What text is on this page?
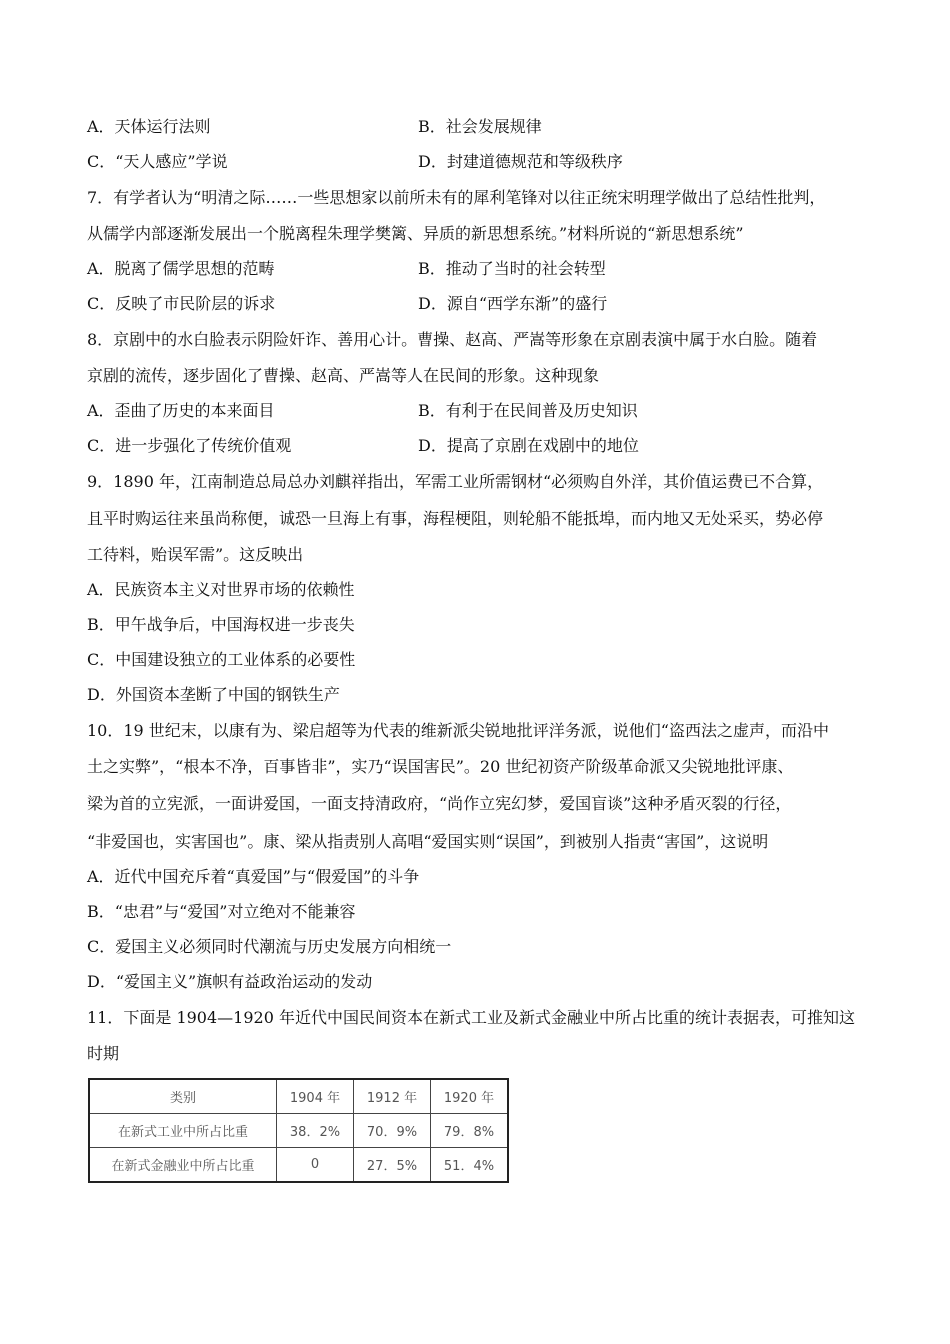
A．天体运行法则	B．社会发展规律
C．“天人感应”学说	D．封建道德规范和等级秩序
7．有学者认为“明清之际……一些思想家以前所未有的犀利笔锋对以往正统宋明理学做出了总结性批判，
从儒学内部逐渐发展出一个脱离程朱理学樊篱、异质的新思想系统。”材料所说的“新思想系统”
A．脱离了儒学思想的范畴	B．推动了当时的社会转型
C．反映了市民阶层的诉求	D．源自“西学东渐”的盛行
8．京剧中的水白脸表示阴险奸诈、善用心计。曹操、赵高、严嵩等形象在京剧表演中属于水白脸。随着
京剧的流传，逐步固化了曹操、赵高、严嵩等人在民间的形象。这种现象
A．歪曲了历史的本来面目	B．有利于在民间普及历史知识
C．进一步强化了传统价值观	D．提高了京剧在戏剧中的地位
9．1890 年，江南制造总局总办刘麒祥指出，军需工业所需钢材“必须购自外洋，其价值运费已不合算，
且平时购运往来虽尚称便，诚恐一旦海上有事，海程梗阻，则轮船不能抵埠，而内地又无处采买，势必停
工待料，贻误军需”。这反映出
A．民族资本主义对世界市场的依赖性
B．甲午战争后，中国海权进一步丧失
C．中国建设独立的工业体系的必要性
D．外国资本垄断了中国的钢铁生产
10．19 世纪末，以康有为、梁启超等为代表的维新派尖锐地批评洋务派，说他们“盗西法之虚声，而沿中
土之实弊”，“根本不净，百事皆非”，实乃“误国害民”。20 世纪初资产阶级革命派又尖锐地批评康、
梁为首的立宪派，一面讲爱国，一面支持清政府，“尚作立宪幻梦，爱国盲谈”这种矛盾灭裂的行径，
“非爱国也，实害国也”。康、梁从指责别人高唱“爱国实则“误国”，到被别人指责“害国”，这说明
A．近代中国充斥着“真爱国”与“假爱国”的斗争
B．“忠君”与“爱国”对立绝对不能兼容
C．爱国主义必须同时代潮流与历史发展方向相统一
D．“爱国主义”旗帜有益政治运动的发动
11．下面是 1904—1920 年近代中国民间资本在新式工业及新式金融业中所占比重的统计表据表，可推知这
时期
类别	1904 年	1912 年	1920 年
在新式工业中所占比重	38．2%	70．9%	79．8%
在新式金融业中所占比重	0	27．5%	51．4%
